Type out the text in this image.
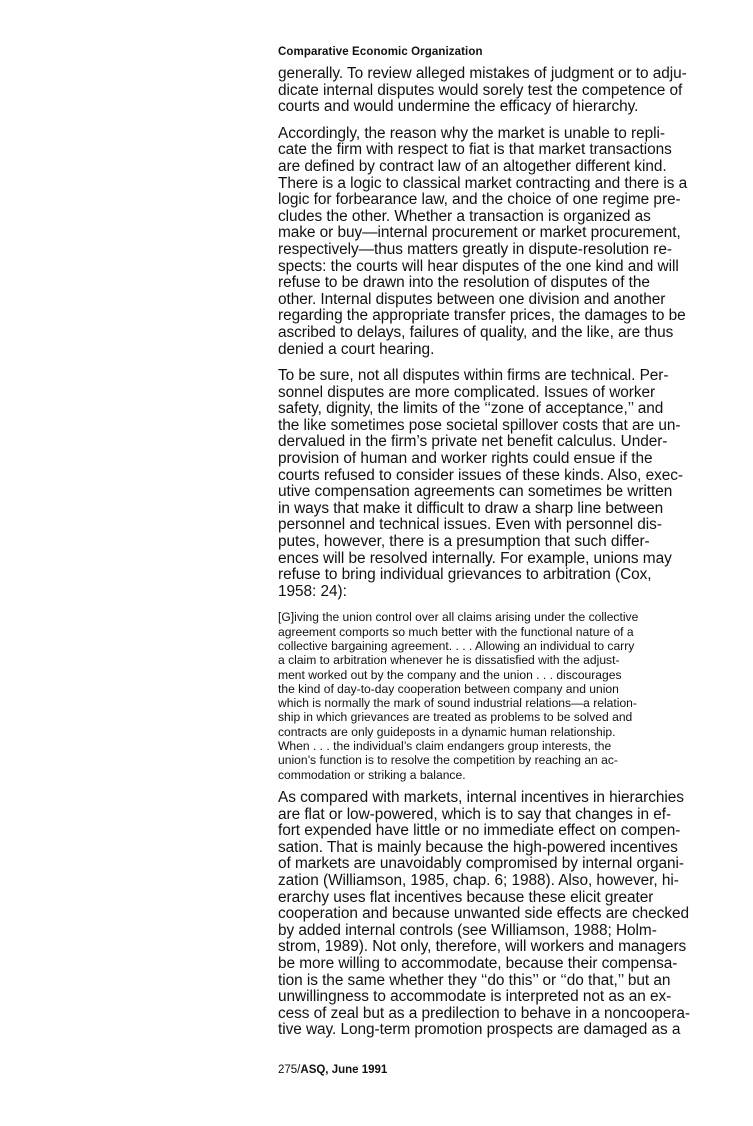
Comparative Economic Organization

generally. To review alleged mistakes of judgment or to adju-
dicate internal disputes would sorely test the competence of
courts and would undermine the efficacy of hierarchy.

Accordingly, the reason why the market is unable to repli-
cate the firm with respect to fiat is that market transactions
are defined by contract law of an altogether different kind.
There is a logic to classical market contracting and there is a
logic for forbearance law, and the choice of one regime pre-
cludes the other. Whether a transaction is organized as
make or buy—internal procurement or market procurement,
respectively—thus matters greatly in dispute-resolution re-
spects: the courts will hear disputes of the one kind and will
refuse to be drawn into the resolution of disputes of the
other. Internal disputes between one division and another
regarding the appropriate transfer prices, the damages to be
ascribed to delays, failures of quality, and the like, are thus
denied a court hearing.

To be sure, not all disputes within firms are technical. Per-
sonnel disputes are more complicated. Issues of worker
safety, dignity, the limits of the ‘‘zone of acceptance,’’ and
the like sometimes pose societal spillover costs that are un-
dervalued in the firm’s private net benefit calculus. Under-
provision of human and worker rights could ensue if the
courts refused to consider issues of these kinds. Also, exec-
utive compensation agreements can sometimes be written
in ways that make it difficult to draw a sharp line between
personnel and technical issues. Even with personnel dis-
putes, however, there is a presumption that such differ-
ences will be resolved internally. For example, unions may
refuse to bring individual grievances to arbitration (Cox,
1958: 24):

[G]iving the union control over all claims arising under the collective
agreement comports so much better with the functional nature of a
collective bargaining agreement. . . . Allowing an individual to carry
a claim to arbitration whenever he is dissatisfied with the adjust-
ment worked out by the company and the union . . . discourages
the kind of day-to-day cooperation between company and union
which is normally the mark of sound industrial relations—a relation-
ship in which grievances are treated as problems to be solved and
contracts are only guideposts in a dynamic human relationship.
When . . . the individual’s claim endangers group interests, the
union’s function is to resolve the competition by reaching an ac-
commodation or striking a balance.

As compared with markets, internal incentives in hierarchies
are flat or low-powered, which is to say that changes in ef-
fort expended have little or no immediate effect on compen-
sation. That is mainly because the high-powered incentives
of markets are unavoidably compromised by internal organi-
zation (Williamson, 1985, chap. 6; 1988). Also, however, hi-
erarchy uses flat incentives because these elicit greater
cooperation and because unwanted side effects are checked
by added internal controls (see Williamson, 1988; Holm-
strom, 1989). Not only, therefore, will workers and managers
be more willing to accommodate, because their compensa-
tion is the same whether they ‘‘do this’’ or ‘‘do that,’’ but an
unwillingness to accommodate is interpreted not as an ex-
cess of zeal but as a predilection to behave in a noncoopera-
tive way. Long-term promotion prospects are damaged as a

275/ASQ, June 1991
